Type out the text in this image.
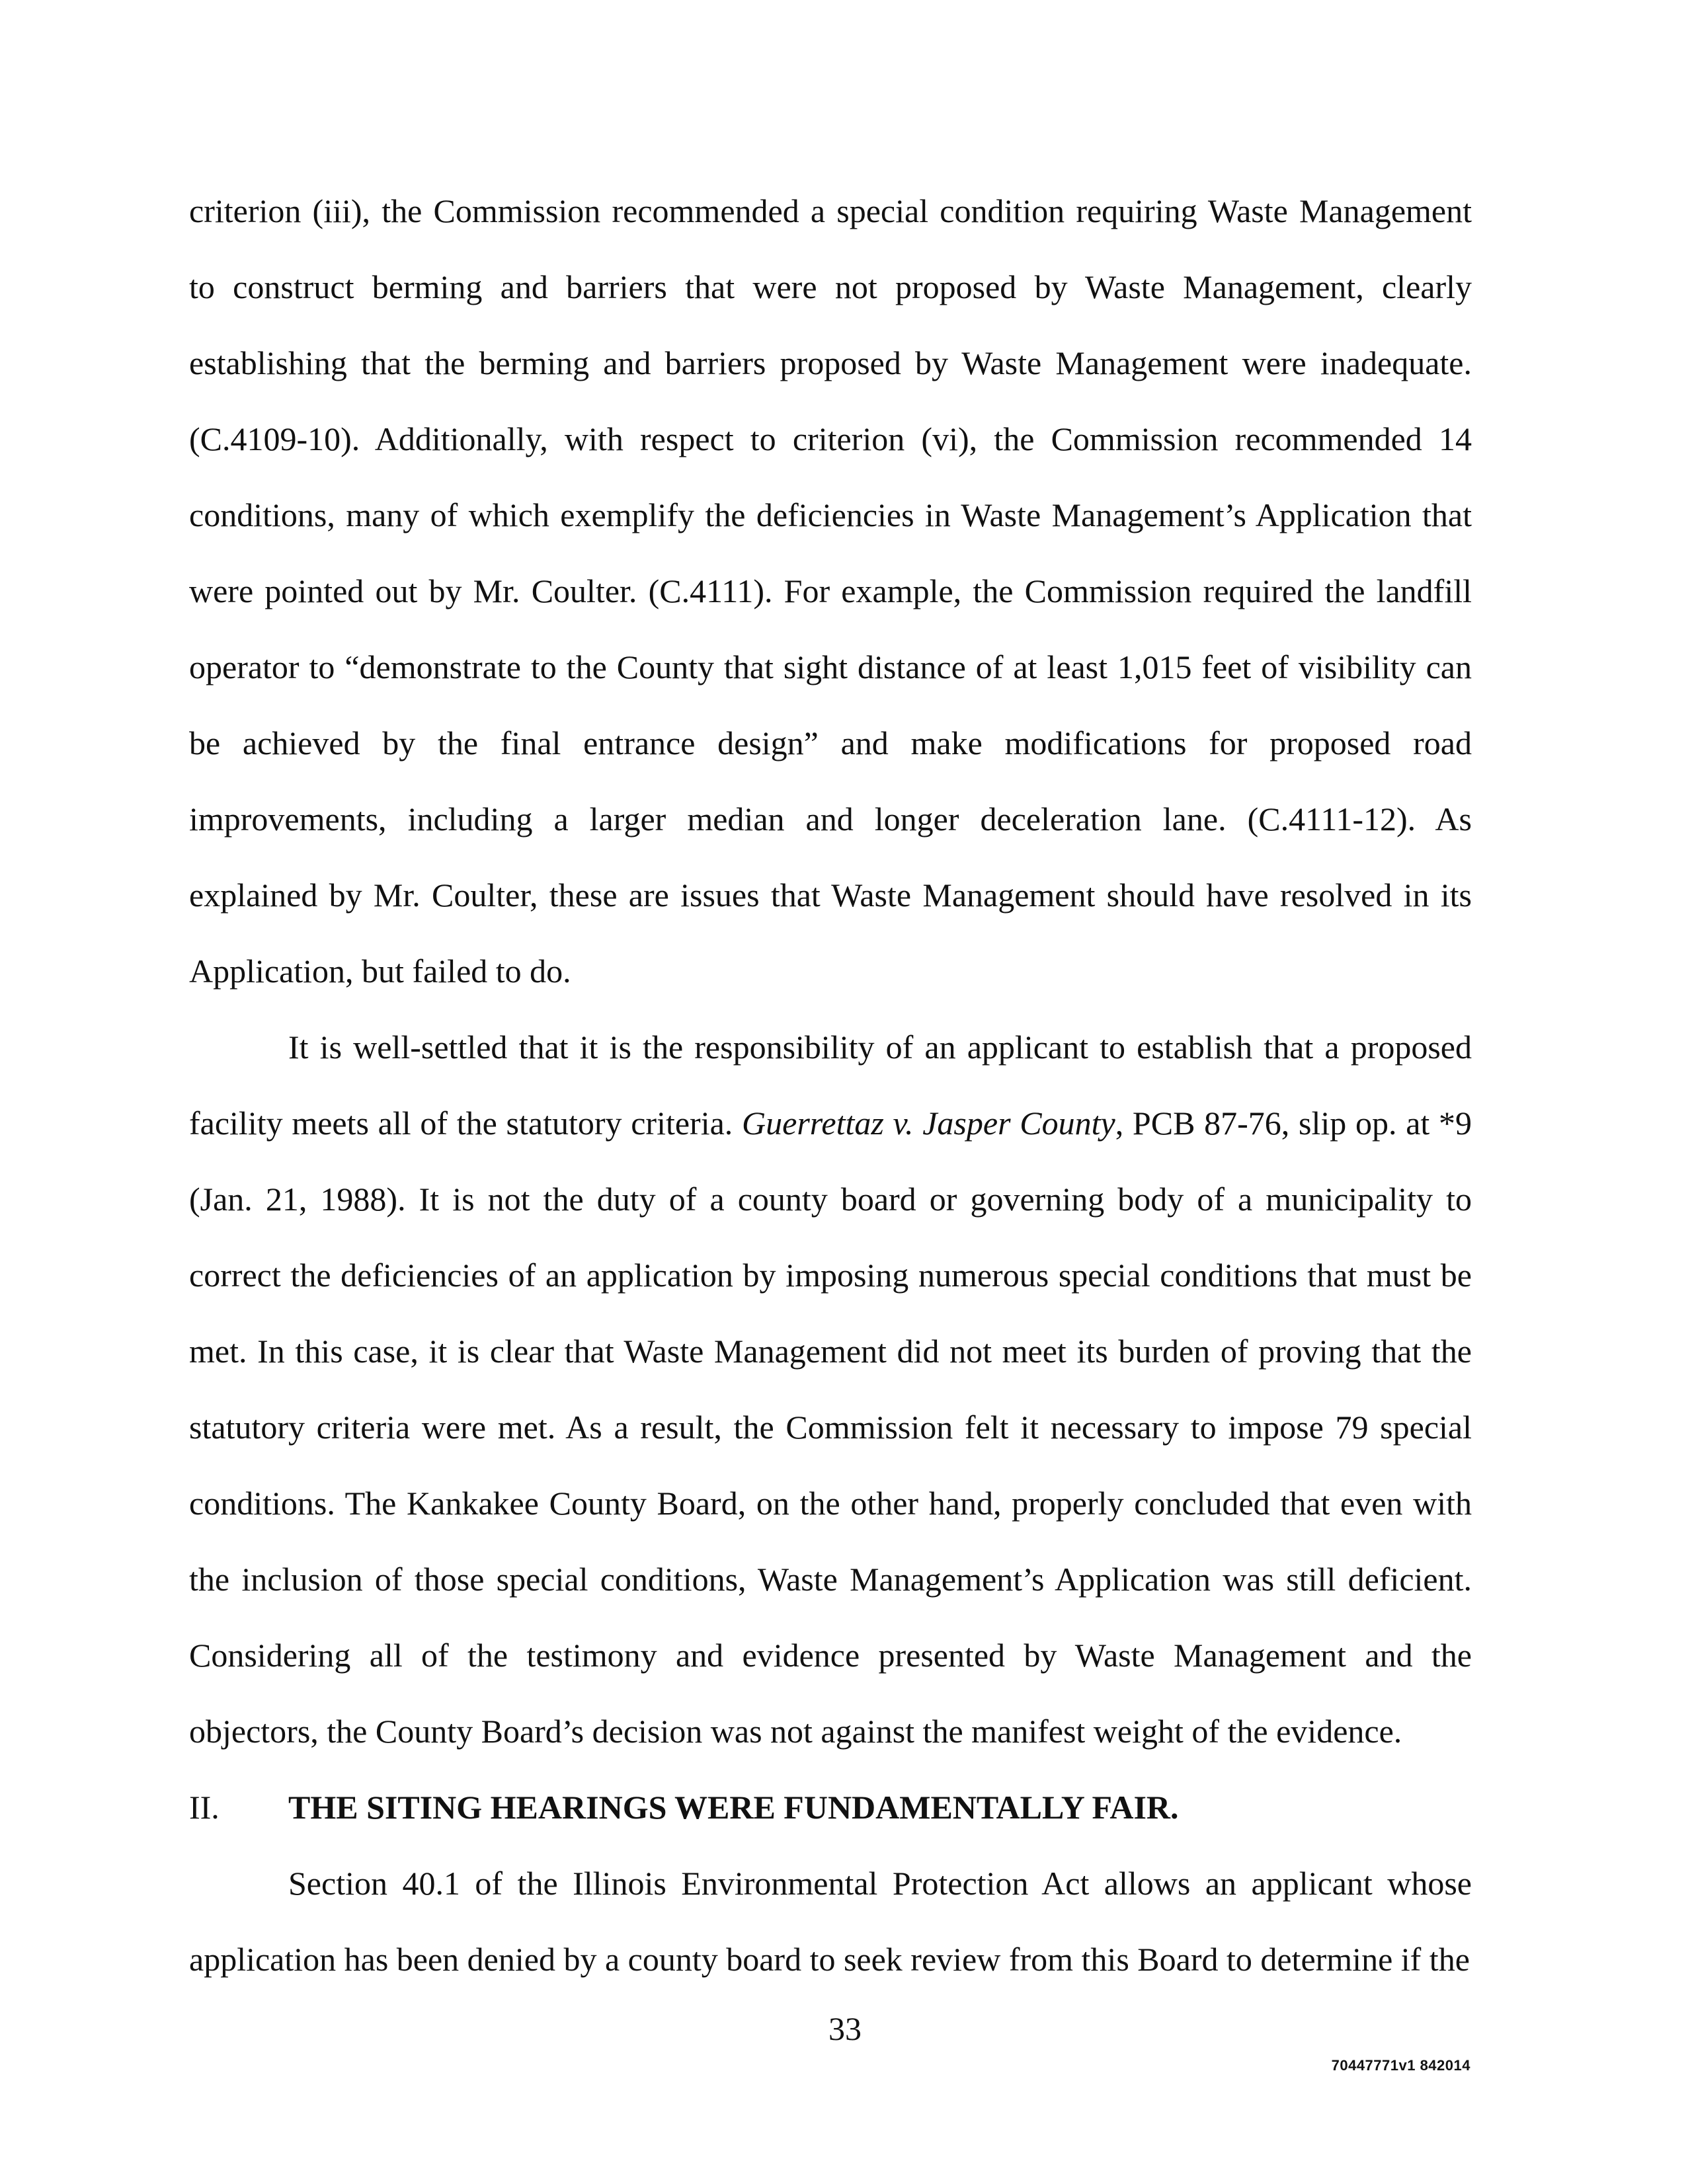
criterion (iii), the Commission recommended a special condition requiring Waste Management to construct berming and barriers that were not proposed by Waste Management, clearly establishing that the berming and barriers proposed by Waste Management were inadequate. (C.4109-10). Additionally, with respect to criterion (vi), the Commission recommended 14 conditions, many of which exemplify the deficiencies in Waste Management’s Application that were pointed out by Mr. Coulter. (C.4111). For example, the Commission required the landfill operator to “demonstrate to the County that sight distance of at least 1,015 feet of visibility can be achieved by the final entrance design” and make modifications for proposed road improvements, including a larger median and longer deceleration lane. (C.4111-12). As explained by Mr. Coulter, these are issues that Waste Management should have resolved in its Application, but failed to do.

It is well-settled that it is the responsibility of an applicant to establish that a proposed facility meets all of the statutory criteria. Guerrettaz v. Jasper County, PCB 87-76, slip op. at *9 (Jan. 21, 1988). It is not the duty of a county board or governing body of a municipality to correct the deficiencies of an application by imposing numerous special conditions that must be met. In this case, it is clear that Waste Management did not meet its burden of proving that the statutory criteria were met. As a result, the Commission felt it necessary to impose 79 special conditions. The Kankakee County Board, on the other hand, properly concluded that even with the inclusion of those special conditions, Waste Management’s Application was still deficient. Considering all of the testimony and evidence presented by Waste Management and the objectors, the County Board’s decision was not against the manifest weight of the evidence.

II.	THE SITING HEARINGS WERE FUNDAMENTALLY FAIR.

Section 40.1 of the Illinois Environmental Protection Act allows an applicant whose application has been denied by a county board to seek review from this Board to determine if the

33
70447771v1 842014
